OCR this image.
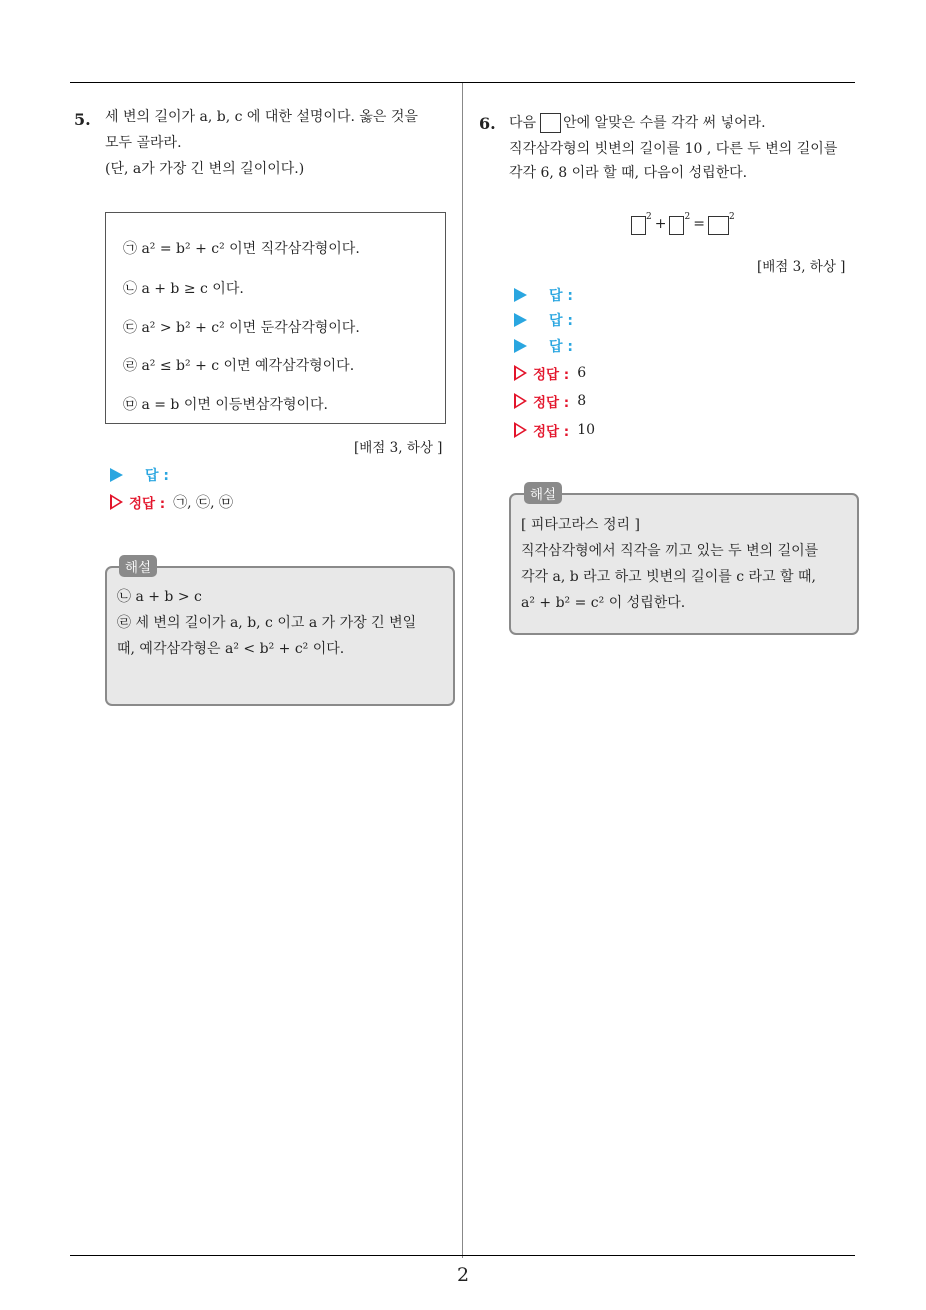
2
5. 세 변의 길이가 a, b, c 에 대한 설명이다. 옳은 것을
모두 골라라.
(단, a가 가장 긴 변의 길이이다.)
㉠ a² = b² + c² 이면 직각삼각형이다.
㉡ a + b ≥ c 이다.
㉢ a² > b² + c² 이면 둔각삼각형이다.
㉣ a² ≤ b² + c 이면 예각삼각형이다.
㉤ a = b 이면 이등변삼각형이다.
[배점 3, 하상 ]
답 :
정답 : ㉠, ㉢, ㉤
해설
㉡ a + b > c
㉣ 세 변의 길이가 a, b, c 이고 a 가 가장 긴 변일
때, 예각삼각형은 a² < b² + c² 이다.
6. 다음 안에 알맞은 수를 각각 써 넣어라.
직각삼각형의 빗변의 길이를 10 , 다른 두 변의 길이를
각각 6, 8 이라 할 때, 다음이 성립한다.
2 + 2 =	2
[배점 3, 하상 ]
답 :
답 :
답 :
정답 : 6
정답 : 8
정답 : 10
해설
[ 피타고라스 정리 ]
직각삼각형에서 직각을 끼고 있는 두 변의 길이를
각각 a, b 라고 하고 빗변의 길이를 c 라고 할 때,
a² + b² = c² 이 성립한다.
